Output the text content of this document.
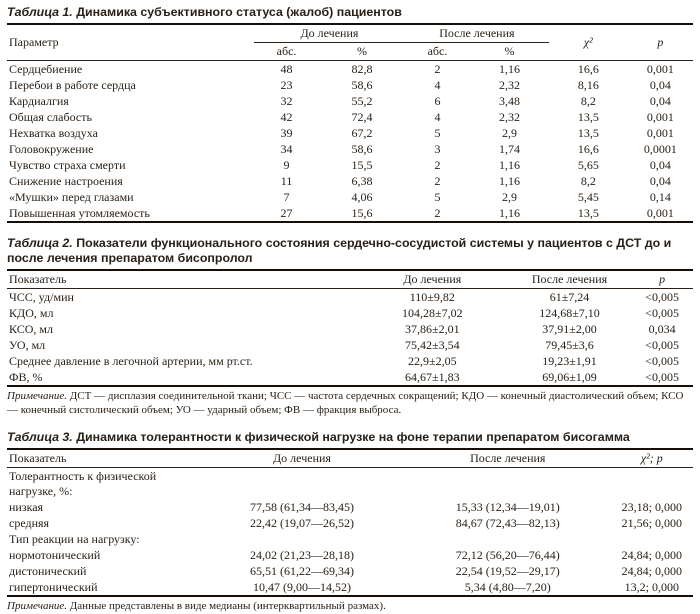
Таблица 1. Динамика субъективного статуса (жалоб) пациентов
Параметр	До лечения		После лечения		χ²	p
	абс.	%	абс.	%		
Сердцебиение	48	82,8	2	1,16	16,6	0,001
Перебои в работе сердца	23	58,6	4	2,32	8,16	0,04
Кардиалгия	32	55,2	6	3,48	8,2	0,04
Общая слабость	42	72,4	4	2,32	13,5	0,001
Нехватка воздуха	39	67,2	5	2,9	13,5	0,001
Головокружение	34	58,6	3	1,74	16,6	0,0001
Чувство страха смерти	9	15,5	2	1,16	5,65	0,04
Снижение настроения	11	6,38	2	1,16	8,2	0,04
«Мушки» перед глазами	7	4,06	5	2,9	5,45	0,14
Повышенная утомляемость	27	15,6	2	1,16	13,5	0,001
Таблица 2. Показатели функционального состояния сердечно-сосудистой системы у пациентов с ДСТ до и после лечения препаратом бисопролол
Показатель	До лечения	После лечения	p
ЧСС, уд/мин	110±9,82	61±7,24	<0,005
КДО, мл	104,28±7,02	124,68±7,10	<0,005
КСО, мл	37,86±2,01	37,91±2,00	0,034
УО, мл	75,42±3,54	79,45±3,6	<0,005
Среднее давление в легочной артерии, мм рт.ст.	22,9±2,05	19,23±1,91	<0,005
ФВ, %	64,67±1,83	69,06±1,09	<0,005
Примечание. ДСТ — дисплазия соединительной ткани; ЧСС — частота сердечных сокращений; КДО — конечный диастолический объем; КСО — конечный систолический объем; УО — ударный объем; ФВ — фракция выброса.
Таблица 3. Динамика толерантности к физической нагрузке на фоне терапии препаратом бисогамма
Показатель	До лечения	После лечения	χ²; p
Толерантность к физической нагрузке, %:			
низкая	77,58 (61,34—83,45)	15,33 (12,34—19,01)	23,18; 0,000
средняя	22,42 (19,07—26,52)	84,67 (72,43—82,13)	21,56; 0,000
Тип реакции на нагрузку:			
нормотонический	24,02 (21,23—28,18)	72,12 (56,20—76,44)	24,84; 0,000
дистонический	65,51 (61,22—69,34)	22,54 (19,52—29,17)	24,84; 0,000
гипертонический	10,47 (9,00—14,52)	5,34 (4,80—7,20)	13,2; 0,000
Примечание. Данные представлены в виде медианы (интерквартильный размах).
